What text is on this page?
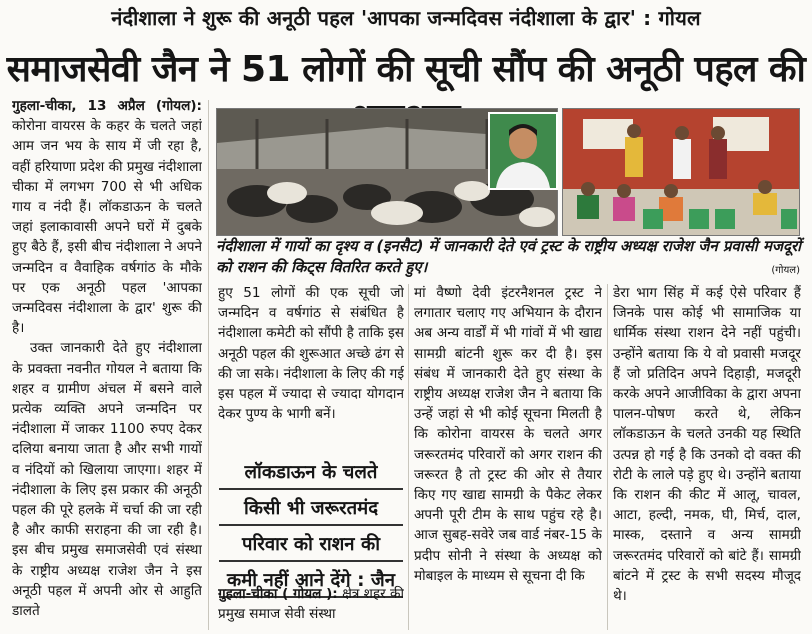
नंदीशाला ने शुरू की अनूठी पहल 'आपका जन्मदिवस नंदीशाला के द्वार' : गोयल
समाजसेवी जैन ने 51 लोगों की सूची सौंप की अनूठी पहल की

गुहला-चीका, 13 अप्रैल (गोयल): कोरोना वायरस के कहर के चलते जहां आम जन भय के साय में जी रहा है, वहीं हरियाणा प्रदेश की प्रमुख नंदीशाला चीका में लगभग 700 से भी अधिक गाय व नंदी हैं। लॉकडाऊन के चलते जहां इलाकावासी अपने घरों में दुबके हुए बैठे हैं, इसी बीच नंदीशाला ने अपने जन्मदिन व वैवाहिक वर्षगांठ के मौके पर एक अनूठी पहल 'आपका जन्मदिवस नंदीशाला के द्वार' शुरू की है।

उक्त जानकारी देते हुए नंदीशाला के प्रवक्ता नवनीत गोयल ने बताया कि शहर व ग्रामीण अंचल में बसने वाले प्रत्येक व्यक्ति अपने जन्मदिन पर नंदीशाला में जाकर 1100 रुपए देकर दलिया बनाया जाता है और सभी गायों व नंदियों को खिलाया जाएगा। शहर में नंदीशाला के लिए इस प्रकार की अनूठी पहल की पूरे हलके में चर्चा की जा रही है और काफी सराहना की जा रही है। इस बीच प्रमुख समाजसेवी एवं संस्था के राष्ट्रीय अध्यक्ष राजेश जैन ने इस अनूठी पहल में अपनी ओर से आहुति डालते

नंदीशाला में गायों का दृश्य व (इनसैट) में जानकारी देते एवं ट्रस्ट के राष्ट्रीय अध्यक्ष राजेश जैन प्रवासी मजदूरों को राशन की किट्स वितरित करते हुए।	(गोयल)

हुए 51 लोगों की एक सूची जो जन्मदिन व वर्षगांठ से संबंधित है नंदीशाला कमेटी को सौंपी है ताकि इस अनूठी पहल की शुरूआत अच्छे ढंग से की जा सके। नंदीशाला के लिए की गई इस पहल में ज्यादा से ज्यादा योगदान देकर पुण्य के भागी बनें।

लॉकडाऊन के चलते
किसी भी जरूरतमंद
परिवार को राशन की
कमी नहीं आने देंगे : जैन

गुहला-चीका ( गोयल ): क्षेत्र शहर की प्रमुख समाज सेवी संस्था

मां वैष्णो देवी इंटरनैशनल ट्रस्ट ने लगातार चलाए गए अभियान के दौरान अब अन्य वार्डों में भी गांवों में भी खाद्य सामग्री बांटनी शुरू कर दी है। इस संबंध में जानकारी देते हुए संस्था के राष्ट्रीय अध्यक्ष राजेश जैन ने बताया कि उन्हें जहां से भी कोई सूचना मिलती है कि कोरोना वायरस के चलते अगर जरूरतमंद परिवारों को अगर राशन की जरूरत है तो ट्रस्ट की ओर से तैयार किए गए खाद्य सामग्री के पैकेट लेकर अपनी पूरी टीम के साथ पहुंच रहे है। आज सुबह-सवेरे जब वार्ड नंबर-15 के प्रदीप सोनी ने संस्था के अध्यक्ष को मोबाइल के माध्यम से सूचना दी कि

डेरा भाग सिंह में कई ऐसे परिवार हैं जिनके पास कोई भी सामाजिक या धार्मिक संस्था राशन देने नहीं पहुंची। उन्होंने बताया कि ये वो प्रवासी मजदूर हैं जो प्रतिदिन अपने दिहाड़ी, मजदूरी करके अपने आजीविका के द्वारा अपना पालन-पोषण करते थे, लेकिन लॉकडाऊन के चलते उनकी यह स्थिति उत्पन्न हो गई है कि उनको दो वक्त की रोटी के लाले पड़े हुए थे। उन्होंने बताया कि राशन की कीट में आलू, चावल, आटा, हल्दी, नमक, घी, मिर्च, दाल, मास्क, दस्ताने व अन्य सामग्री जरूरतमंद परिवारों को बांटे हैं। सामग्री बांटने में ट्रस्ट के सभी सदस्य मौजूद थे।
